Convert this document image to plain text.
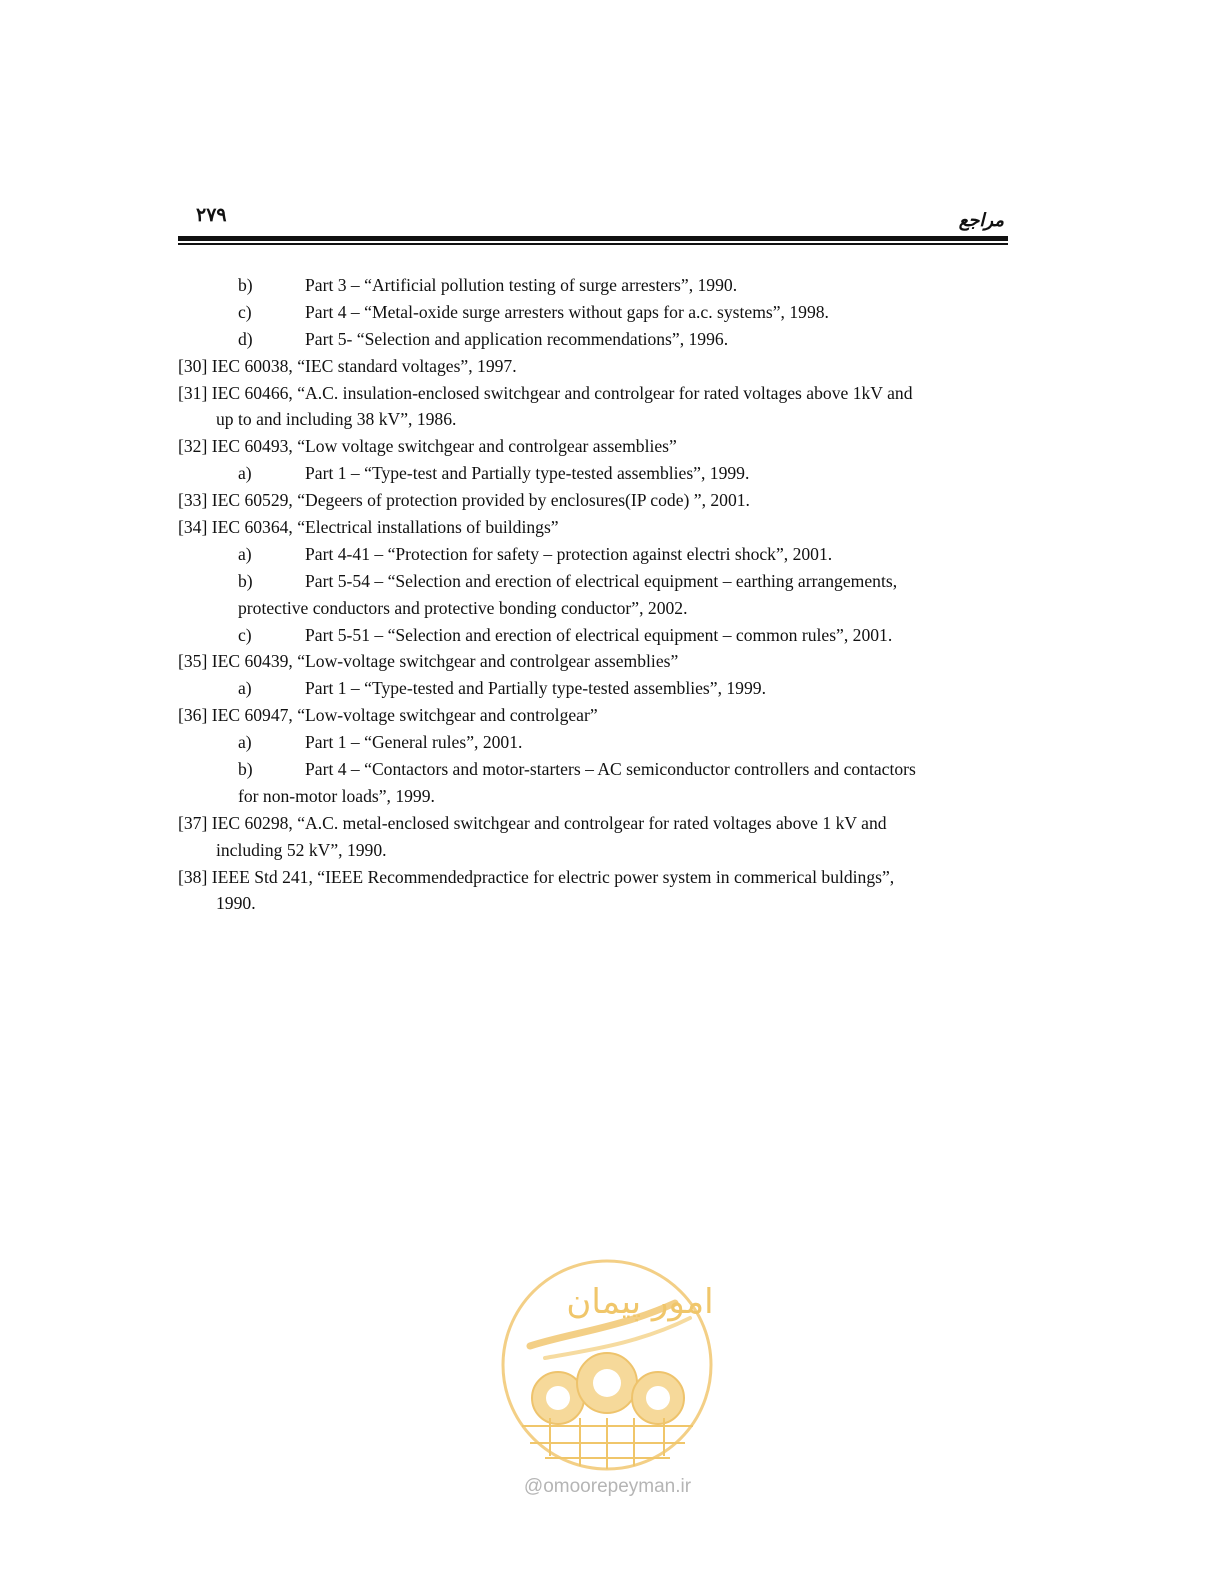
۲۷۹	مراجع
b)	Part 3 – “Artificial pollution testing of surge arresters”, 1990.
c)	Part 4 – “Metal-oxide surge arresters without gaps for a.c. systems”, 1998.
d)	Part 5- “Selection and application recommendations”, 1996.
[30] IEC 60038, “IEC standard voltages”, 1997.
[31] IEC 60466, “A.C. insulation-enclosed switchgear and controlgear for rated voltages above 1kV and
up to and including 38 kV”, 1986.
[32] IEC 60493, “Low voltage switchgear and controlgear assemblies”
a)	Part 1 – “Type-test and Partially type-tested assemblies”, 1999.
[33] IEC 60529, “Degeers of protection provided by enclosures(IP code) ”, 2001.
[34] IEC 60364, “Electrical installations of buildings”
a)	Part 4-41 – “Protection for safety – protection against electri shock”, 2001.
b)	Part 5-54 – “Selection and erection of electrical equipment – earthing arrangements,
protective conductors and protective bonding conductor”, 2002.
c)	Part 5-51 – “Selection and erection of electrical equipment – common rules”, 2001.
[35] IEC 60439, “Low-voltage switchgear and controlgear assemblies”
a)	Part 1 – “Type-tested and Partially type-tested assemblies”, 1999.
[36] IEC 60947, “Low-voltage switchgear and controlgear”
a)	Part 1 – “General rules”, 2001.
b)	Part 4 – “Contactors and motor-starters – AC semiconductor controllers and contactors
for non-motor loads”, 1999.
[37] IEC 60298, “A.C. metal-enclosed switchgear and controlgear for rated voltages above 1 kV and
including 52 kV”, 1990.
[38] IEEE Std 241, “IEEE Recommendedpractice for electric power system in commerical buldings”,
1990.
امور پیمان
@omoorepeyman.ir
